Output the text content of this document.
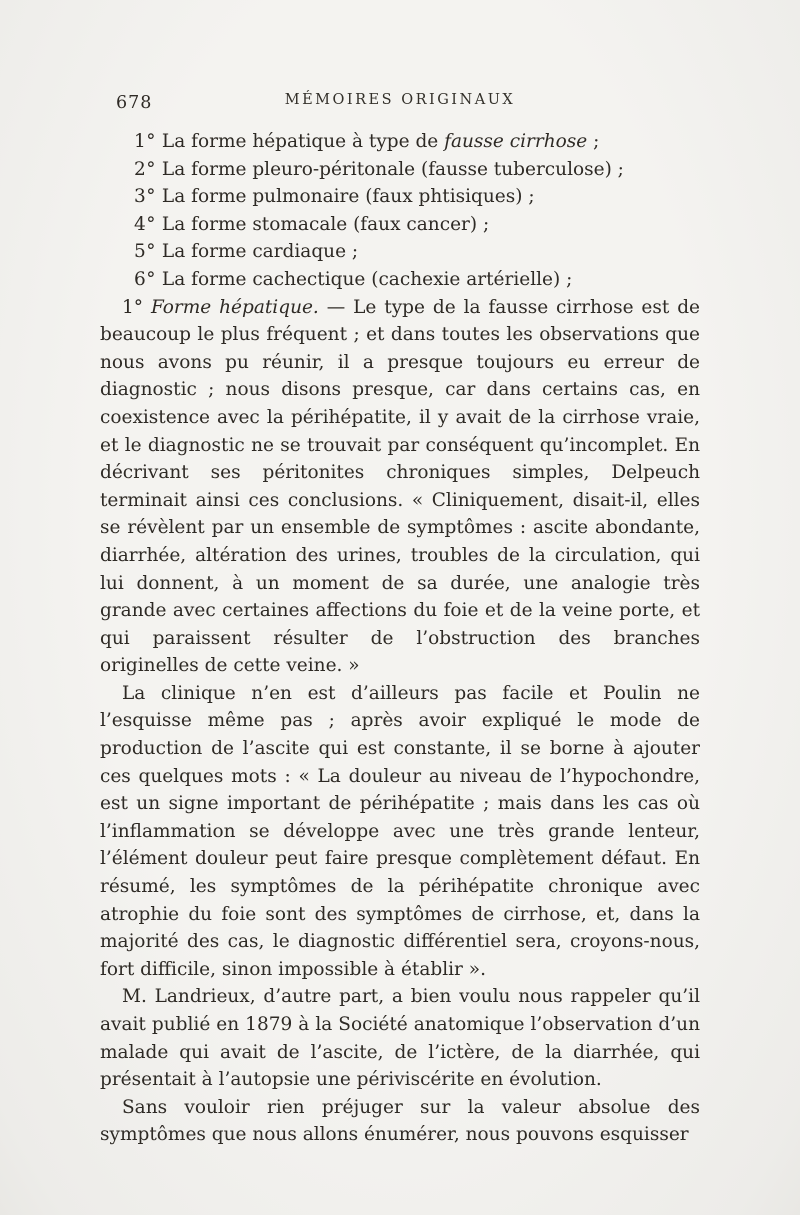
678	MÉMOIRES ORIGINAUX
1° La forme hépatique à type de fausse cirrhose ;
2° La forme pleuro-péritonale (fausse tuberculose) ;
3° La forme pulmonaire (faux phtisiques) ;
4° La forme stomacale (faux cancer) ;
5° La forme cardiaque ;
6° La forme cachectique (cachexie artérielle) ;

1° Forme hépatique. — Le type de la fausse cirrhose est de beaucoup le plus fréquent ; et dans toutes les observations que nous avons pu réunir, il a presque toujours eu erreur de diagnostic ; nous disons presque, car dans certains cas, en coexistence avec la périhépatite, il y avait de la cirrhose vraie, et le diagnostic ne se trouvait par conséquent qu’incomplet. En décrivant ses péritonites chroniques simples, Delpeuch terminait ainsi ces conclusions. « Cliniquement, disait-il, elles se révèlent par un ensemble de symptômes : ascite abondante, diarrhée, altération des urines, troubles de la circulation, qui lui donnent, à un moment de sa durée, une analogie très grande avec certaines affections du foie et de la veine porte, et qui paraissent résulter de l’obstruction des branches originelles de cette veine. »

La clinique n’en est d’ailleurs pas facile et Poulin ne l’esquisse même pas ; après avoir expliqué le mode de production de l’ascite qui est constante, il se borne à ajouter ces quelques mots : « La douleur au niveau de l’hypochondre, est un signe important de périhépatite ; mais dans les cas où l’inflammation se développe avec une très grande lenteur, l’élément douleur peut faire presque complètement défaut. En résumé, les symptômes de la périhépatite chronique avec atrophie du foie sont des symptômes de cirrhose, et, dans la majorité des cas, le diagnostic différentiel sera, croyons-nous, fort difficile, sinon impossible à établir ».

M. Landrieux, d’autre part, a bien voulu nous rappeler qu’il avait publié en 1879 à la Société anatomique l’observation d’un malade qui avait de l’ascite, de l’ictère, de la diarrhée, qui présentait à l’autopsie une périviscérite en évolution.

Sans vouloir rien préjuger sur la valeur absolue des symptômes que nous allons énumérer, nous pouvons esquisser
